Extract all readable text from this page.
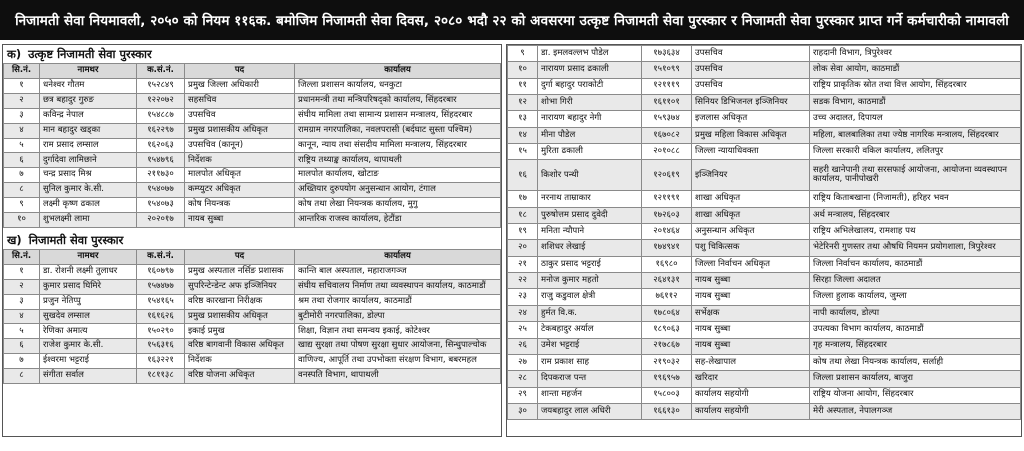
निजामती सेवा नियमावली, २०५० को नियम ११६क. बमोजिम निजामती सेवा दिवस, २०८० भदौ २२ को अवसरमा उत्कृष्ट निजामती सेवा पुरस्कार र निजामती सेवा पुरस्कार प्राप्त गर्ने कर्मचारीको नामावली
क) उत्कृष्ट निजामती सेवा पुरस्कार
सि.नं.	नामथर	क.सं.नं.	पद	कार्यालय
१	धनेश्वर गौतम	१५२८४९	प्रमुख जिल्ला अधिकारी	जिल्ला प्रशासन कार्यालय, धनकुटा
२	छत्र बहादुर गुरुङ	१२२०७२	सहसचिव	प्रधानमन्त्री तथा मन्त्रिपरिषद्को कार्यालय, सिंहदरबार
३	कविन्द्र नेपाल	१५४८८७	उपसचिव	संघीय मामिला तथा सामान्य प्रशासन मन्त्रालय, सिंहदरबार
४	मान बहादुर खड्का	१६२२९७	प्रमुख प्रशासकीय अधिकृत	रामग्राम नगरपालिका, नवलपरासी (बर्दघाट सुस्ता पश्चिम)
५	राम प्रसाद लम्साल	१६२०६३	उपसचिव (कानून)	कानून, न्याय तथा संसदीय मामिला मन्त्रालय, सिंहदरबार
६	दुर्गादेवा लामिछाने	१५४७९६	निर्देशक	राष्ट्रिय तथ्याङ्क कार्यालय, थापाथली
७	चन्द्र प्रसाद मिश्र	२११७३०	मालपोत अधिकृत	मालपोत कार्यालय, खोटाङ
८	सुनिल कुमार के.सी.	१५४०७७	कम्प्युटर अधिकृत	अख्तियार दुरुपयोग अनुसन्धान आयोग, टंगाल
९	लक्ष्मी कृष्ण ढकाल	१५४०७३	कोष नियन्त्रक	कोष तथा लेखा नियन्त्रक कार्यालय, मुगु
१०	शुभलक्ष्मी लामा	२०२०१७	नायब सुब्बा	आन्तरिक राजस्व कार्यालय, हेटौंडा
ख) निजामती सेवा पुरस्कार
सि.नं.	नामथर	क.सं.नं.	पद	कार्यालय
१	डा. रोशनी लक्ष्मी तुलाधर	१६०७९७	प्रमुख अस्पताल नर्सिङ प्रशासक	कान्ति बाल अस्पताल, महाराजगञ्ज
२	कुमार प्रसाद घिमिरे	१५७४७७	सुपरिन्टेन्डेन्ट अफ इञ्जिनियर	संघीय सचिवालय निर्माण तथा व्यवस्थापन कार्यालय, काठमाडौं
३	प्रजुन नेतिप्पु	१५४१६५	वरिष्ठ कारखाना निरीक्षक	श्रम तथा रोजगार कार्यालय, काठमाडौं
४	सुखदेव लम्साल	१६१६२६	प्रमुख प्रशासकीय अधिकृत	बुटीमोरी नगरपालिका, डोल्पा
५	रेणिका अमात्य	१५०२९०	इकाई प्रमुख	शिक्षा, विज्ञान तथा समन्वय इकाई, कोटेश्वर
६	राजेश कुमार के.सी.	१५६३१६	वरिष्ठ बागवानी विकास अधिकृत	खाद्य सुरक्षा तथा पोषण सुरक्षा सुधार आयोजना, सिन्धुपाल्चोक
७	ईश्वरमा भट्टराई	१६३२२१	निर्देशक	वाणिज्य, आपूर्ति तथा उपभोक्ता संरक्षण विभाग, बबरमहल
८	संगीता सर्वाल	१८११३८	वरिष्ठ योजना अधिकृत	वनस्पति विभाग, थापाथली
९	डा. इमलवल्लभ पौडेल	१७३६३४	उपसचिव	राहदानी विभाग, त्रिपुरेश्वर
१०	नारायण प्रसाद ढकाली	१५१०९९	उपसचिव	लोक सेवा आयोग, काठमाडौं
११	दुर्गा बहादुर पराकोटी	१२१११९	उपसचिव	राष्ट्रिय प्राकृतिक स्रोत तथा वित्त आयोग, सिंहदरबार
१२	शोभा गिरी	१६११०१	सिनियर डिभिजनल इञ्जिनियर	सडक विभाग, काठमाडौं
१३	नारायण बहादुर नेगी	१५९३७४	इजलास अधिकृत	उच्च अदालत, दिपायल
१४	मीना पौडेल	१६७०८२	प्रमुख महिला विकास अधिकृत	महिला, बालबालिका तथा ज्येष्ठ नागरिक मन्त्रालय, सिंहदरबार
१५	मुरिता ढकाली	२०१०८८	जिल्ला न्यायाधिवक्ता	जिल्ला सरकारी वकिल कार्यालय, ललितपुर
१६	किशोर पन्थी	१२०६१९	इञ्जिनियर	सहरी खानेपानी तथा सरसफाई आयोजना, आयोजना व्यवस्थापन कार्यालय, पानीपोखरी
१७	नरनाथ ताम्राकार	१२११९१	शाखा अधिकृत	राष्ट्रिय किताबखाना (निजामती), हरिहर भवन
१८	पुरुषोत्तम प्रसाद दुवेदी	१७२६०३	शाखा अधिकृत	अर्थ मन्त्रालय, सिंहदरबार
१९	मनिता न्यौपाने	२०१४६४	अनुसन्धान अधिकृत	राष्ट्रिय अभिलेखालय, रामशाह पथ
२०	शशिधर लेखाई	१७४९४१	पशु चिकित्सक	भेटेरिनरी गुणस्तर तथा औषधि नियमन प्रयोगशाला, त्रिपुरेश्वर
२१	ठाकुर प्रसाद भट्टराई	१६९८०	जिल्ला निर्वाचन अधिकृत	जिल्ला निर्वाचन कार्यालय, काठमाडौं
२२	मनोज कुमार महतो	२६४१३१	नायब सुब्बा	सिरहा जिल्ला अदालत
२३	राजु कडुवाल क्षेत्री	७६११२	नायब सुब्बा	जिल्ला हुलाक कार्यालय, जुम्ला
२४	हुर्मत वि.क.	१७८०६४	सर्भेक्षक	नापी कार्यालय, डोल्पा
२५	टेकबहादुर अर्याल	१८९०६३	नायब सुब्बा	उपत्यका विभाग कार्यालय, काठमाडौं
२६	उमेश भट्टराई	२१७८६७	नायब सुब्बा	गृह मन्त्रालय, सिंहदरबार
२७	राम प्रकाश साह	२१९०३२	सह-लेखापाल	कोष तथा लेखा नियन्त्रक कार्यालय, सर्लाही
२८	दिपकराज पन्त	१९६९५७	खरिदार	जिल्ला प्रशासन कार्यालय, बाजुरा
२९	शान्ता महर्जन	१५८००३	कार्यालय सहयोगी	राष्ट्रिय योजना आयोग, सिंहदरबार
३०	जयबहादुर लाल अधिरी	१६६१३०	कार्यालय सहयोगी	मेरी अस्पताल, नेपालगञ्ज
